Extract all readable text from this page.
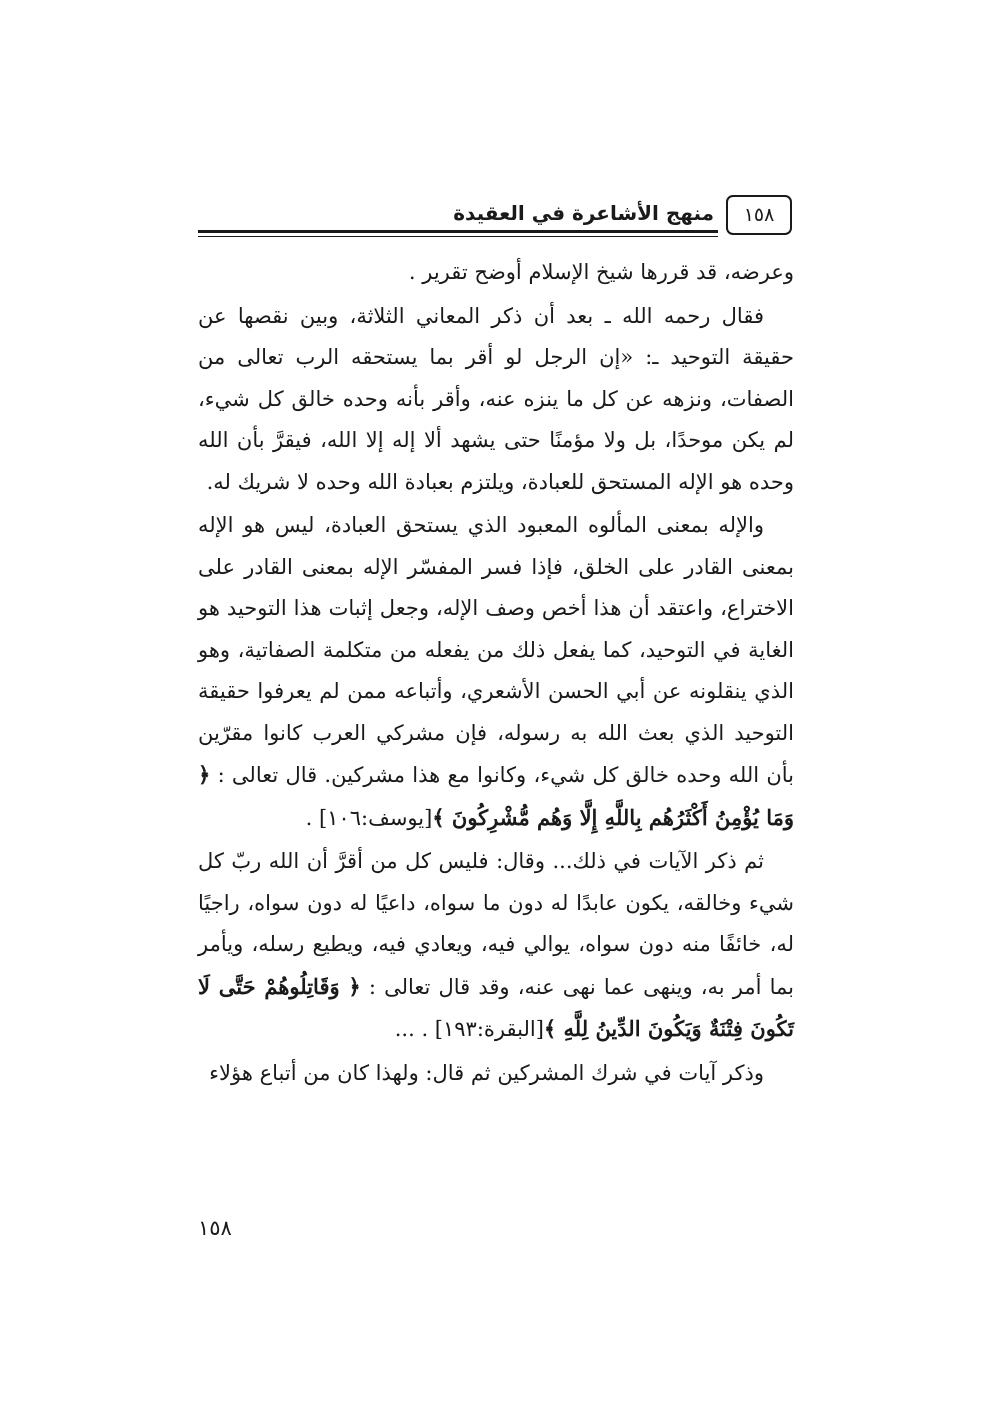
منهج الأشاعرة في العقيدة	١٥٨

وعرضه، قد قررها شيخ الإسلام أوضح تقرير .

فقال رحمه الله ـ بعد أن ذكر المعاني الثلاثة، وبين نقصها عن حقيقة التوحيد ـ: «إن الرجل لو أقر بما يستحقه الرب تعالى من الصفات، ونزهه عن كل ما ينزه عنه، وأقر بأنه وحده خالق كل شيء، لم يكن موحدًا، بل ولا مؤمنًا حتى يشهد ألا إله إلا الله، فيقرَّ بأن الله وحده هو الإله المستحق للعبادة، ويلتزم بعبادة الله وحده لا شريك له.

والإله بمعنى المألوه المعبود الذي يستحق العبادة، ليس هو الإله بمعنى القادر على الخلق، فإذا فسر المفسّر الإله بمعنى القادر على الاختراع، واعتقد أن هذا أخص وصف الإله، وجعل إثبات هذا التوحيد هو الغاية في التوحيد، كما يفعل ذلك من يفعله من متكلمة الصفاتية، وهو الذي ينقلونه عن أبي الحسن الأشعري، وأتباعه ممن لم يعرفوا حقيقة التوحيد الذي بعث الله به رسوله، فإن مشركي العرب كانوا مقرّين بأن الله وحده خالق كل شيء، وكانوا مع هذا مشركين. قال تعالى : ﴿ وَمَا يُؤْمِنُ أَكْثَرُهُم بِاللَّهِ إِلَّا وَهُم مُّشْرِكُونَ ﴾[يوسف:١٠٦] .

ثم ذكر الآيات في ذلك... وقال: فليس كل من أقرَّ أن الله ربّ كل شيء وخالقه، يكون عابدًا له دون ما سواه، داعيًا له دون سواه، راجيًا له، خائفًا منه دون سواه، يوالي فيه، ويعادي فيه، ويطيع رسله، ويأمر بما أمر به، وينهى عما نهى عنه، وقد قال تعالى : ﴿ وَقَاتِلُوهُمْ حَتَّى لَا تَكُونَ فِتْنَةٌ وَيَكُونَ الدِّينُ لِلَّهِ ﴾[البقرة:١٩٣] . ...

وذكر آيات في شرك المشركين ثم قال: ولهذا كان من أتباع هؤلاء

١٥٨
